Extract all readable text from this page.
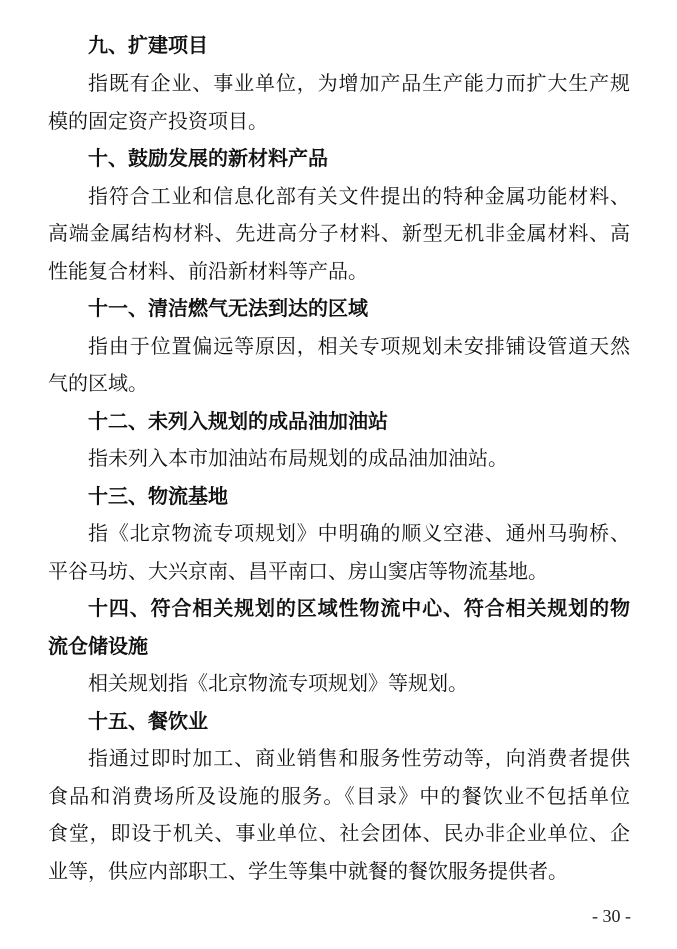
九、扩建项目
指既有企业、事业单位，为增加产品生产能力而扩大生产规
模的固定资产投资项目。
十、鼓励发展的新材料产品
指符合工业和信息化部有关文件提出的特种金属功能材料、
高端金属结构材料、先进高分子材料、新型无机非金属材料、高
性能复合材料、前沿新材料等产品。
十一、清洁燃气无法到达的区域
指由于位置偏远等原因，相关专项规划未安排铺设管道天然
气的区域。
十二、未列入规划的成品油加油站
指未列入本市加油站布局规划的成品油加油站。
十三、物流基地
指《北京物流专项规划》中明确的顺义空港、通州马驹桥、
平谷马坊、大兴京南、昌平南口、房山窦店等物流基地。
十四、符合相关规划的区域性物流中心、符合相关规划的物
流仓储设施
相关规划指《北京物流专项规划》等规划。
十五、餐饮业
指通过即时加工、商业销售和服务性劳动等，向消费者提供
食品和消费场所及设施的服务。《目录》中的餐饮业不包括单位
食堂，即设于机关、事业单位、社会团体、民办非企业单位、企
业等，供应内部职工、学生等集中就餐的餐饮服务提供者。
- 30 -
